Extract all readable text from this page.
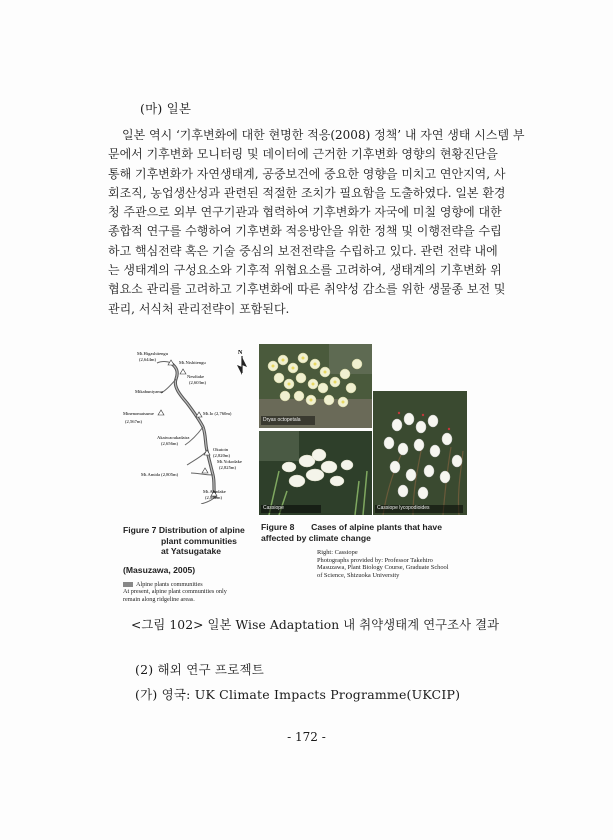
(마) 일본
일본 역시 ‘기후변화에 대한 현명한 적응(2008) 정책’ 내 자연 생태 시스템 부
문에서 기후변화 모니터링 및 데이터에 근거한 기후변화 영향의 현황진단을
통해 기후변화가 자연생태계, 공중보건에 중요한 영향을 미치고 연안지역, 사
회조직, 농업생산성과 관련된 적절한 조치가 필요함을 도출하였다. 일본 환경
청 주관으로 외부 연구기관과 협력하여 기후변화가 자국에 미칠 영향에 대한
종합적 연구를 수행하여 기후변화 적응방안을 위한 정책 및 이행전략을 수립
하고 핵심전략 혹은 기술 중심의 보전전략을 수립하고 있다. 관련 전략 내에
는 생태계의 구성요소와 기후적 위협요소를 고려하여, 생태계의 기후변화 위
협요소 관리를 고려하고 기후변화에 따른 취약성 감소를 위한 생물종 보전 및
관리, 서식처 관리전략이 포함된다.
Mt.Higashitengu
(2,644m)
Mt.Nishitengu
Nesdtake
(2,603m)
Mikabuniyama
Mt.Io (2,760m)
Minenomatsume
(2,567m)
Akaiwaoukadaira
(2,656m)
Okutoin
(2,820m)
Mt.Yokodake
(2,825m)
Mt.Amida (2,805m)
Mt.Akadake
(2,899m)
N
Dryas octopetala
Cassiope	Cassiope lycopodioides
Figure 7 Distribution of alpine
plant communities
at Yatsugatake
(Masuzawa, 2005)
Alpine plants communities
At present, alpine plant communities only
remain along ridgeline areas.
Figure 8       Cases of alpine plants that have
affected by climate change
Right: Cassiope
Photographs provided by: Professor Takehiro
Masuzawa, Plant Biology Course, Graduate School
of Science, Shizuoka University
<그림 102> 일본 Wise Adaptation 내 취약생태계 연구조사 결과
(2) 해외 연구 프로젝트
(가) 영국: UK Climate Impacts Programme(UKCIP)
- 172 -
